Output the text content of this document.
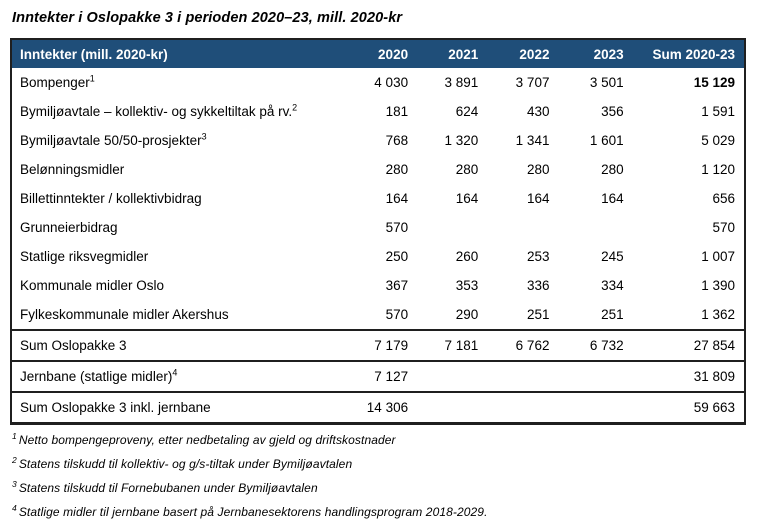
Inntekter i Oslopakke 3 i perioden 2020–23, mill. 2020-kr

Inntekter (mill. 2020-kr)	2020	2021	2022	2023	Sum 2020-23
Bompenger$^1$	4 030	3 891	3 707	3 501	15 129
Bymiljøavtale – kollektiv- og sykkeltiltak på rv.$^2$	181	624	430	356	1 591
Bymiljøavtale 50/50-prosjekter$^3$	768	1 320	1 341	1 601	5 029
Belønningsmidler	280	280	280	280	1 120
Billettinntekter / kollektivbidrag	164	164	164	164	656
Grunneierbidrag	570				570
Statlige riksvegmidler	250	260	253	245	1 007
Kommunale midler Oslo	367	353	336	334	1 390
Fylkeskommunale midler Akershus	570	290	251	251	1 362
Sum Oslopakke 3	7 179	7 181	6 762	6 732	27 854
Jernbane (statlige midler)$^4$	7 127				31 809
Sum Oslopakke 3 inkl. jernbane	14 306				59 663
$^1$ Netto bompengeproveny, etter nedbetaling av gjeld og driftskostnader
$^2$ Statens tilskudd til kollektiv- og g/s-tiltak under Bymiljøavtalen
$^3$ Statens tilskudd til Fornebubanen under Bymiljøavtalen
$^4$ Statlige midler til jernbane basert på Jernbanesektorens handlingsprogram 2018-2029.
